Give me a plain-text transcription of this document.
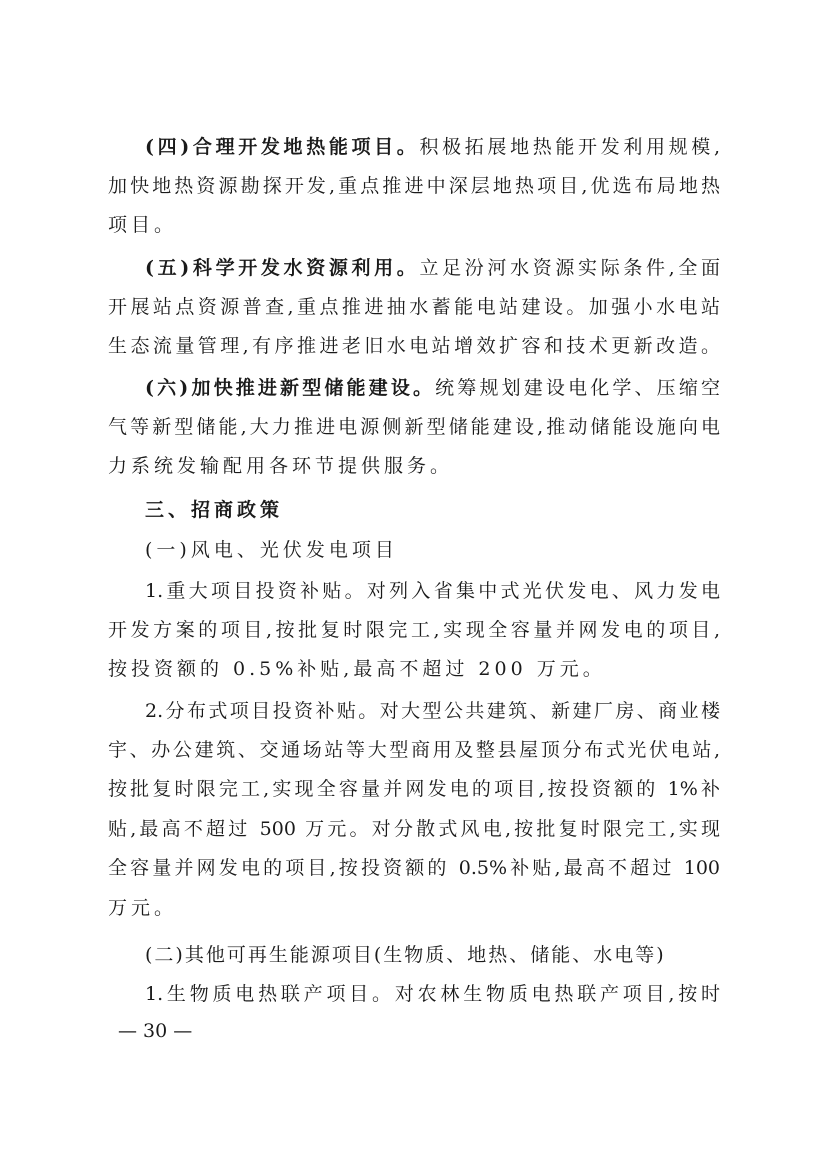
(四)合理开发地热能项目。积极拓展地热能开发利用规模,
加快地热资源勘探开发,重点推进中深层地热项目,优选布局地热
项目。
(五)科学开发水资源利用。立足汾河水资源实际条件,全面
开展站点资源普查,重点推进抽水蓄能电站建设。加强小水电站
生态流量管理,有序推进老旧水电站增效扩容和技术更新改造。
(六)加快推进新型储能建设。统筹规划建设电化学、压缩空
气等新型储能,大力推进电源侧新型储能建设,推动储能设施向电
力系统发输配用各环节提供服务。
三、招商政策
(一)风电、光伏发电项目
1.重大项目投资补贴。对列入省集中式光伏发电、风力发电
开发方案的项目,按批复时限完工,实现全容量并网发电的项目,
按投资额的 0.5%补贴,最高不超过 200 万元。
2.分布式项目投资补贴。对大型公共建筑、新建厂房、商业楼
宇、办公建筑、交通场站等大型商用及整县屋顶分布式光伏电站,
按批复时限完工,实现全容量并网发电的项目,按投资额的 1%补
贴,最高不超过 500 万元。对分散式风电,按批复时限完工,实现
全容量并网发电的项目,按投资额的 0.5%补贴,最高不超过 100
万元。
(二)其他可再生能源项目(生物质、地热、储能、水电等)
1.生物质电热联产项目。对农林生物质电热联产项目,按时
— 30 —
